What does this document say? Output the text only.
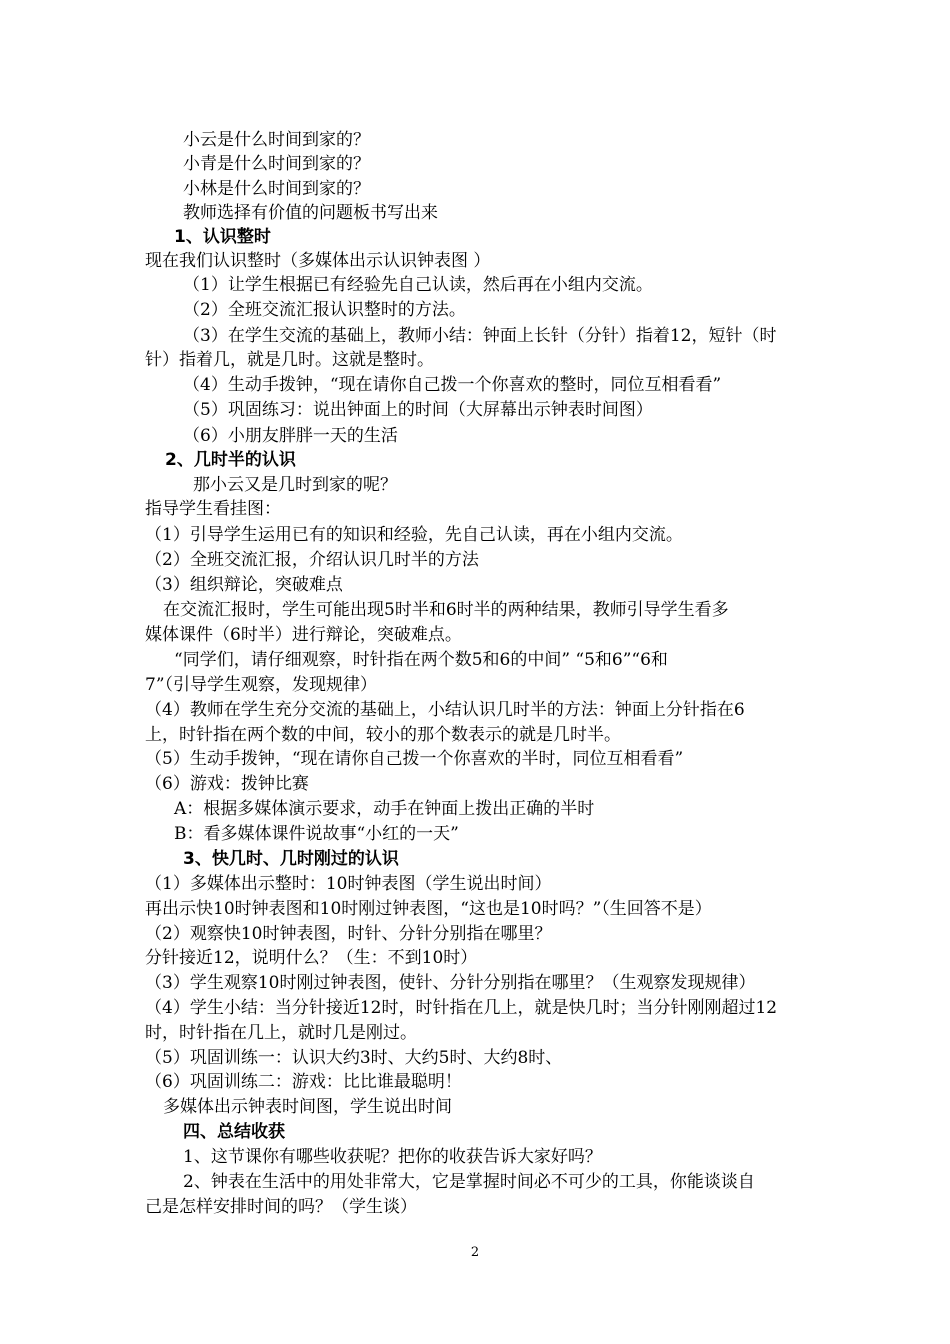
小云是什么时间到家的？
小青是什么时间到家的？
小林是什么时间到家的？
教师选择有价值的问题板书写出来
1、认识整时
现在我们认识整时（多媒体出示认识钟表图 ）
（1）让学生根据已有经验先自己认读，然后再在小组内交流。
（2）全班交流汇报认识整时的方法。
（3）在学生交流的基础上，教师小结：钟面上长针（分针）指着12，短针（时
针）指着几，就是几时。这就是整时。
（4）生动手拨钟，“现在请你自己拨一个你喜欢的整时，同位互相看看”
（5）巩固练习：说出钟面上的时间（大屏幕出示钟表时间图）
（6）小朋友胖胖一天的生活
2、几时半的认识
那小云又是几时到家的呢？
指导学生看挂图：
（1）引导学生运用已有的知识和经验，先自己认读，再在小组内交流。
（2）全班交流汇报，介绍认识几时半的方法
（3）组织辩论，突破难点
在交流汇报时，学生可能出现5时半和6时半的两种结果，教师引导学生看多
媒体课件（6时半）进行辩论，突破难点。
“同学们，请仔细观察，时针指在两个数5和6的中间” “5和6”“6和
7”（引导学生观察，发现规律）
（4）教师在学生充分交流的基础上，小结认识几时半的方法：钟面上分针指在6
上，时针指在两个数的中间，较小的那个数表示的就是几时半。
（5）生动手拨钟，“现在请你自己拨一个你喜欢的半时，同位互相看看”
（6）游戏：拨钟比赛
A：根据多媒体演示要求，动手在钟面上拨出正确的半时
B：看多媒体课件说故事“小红的一天”
3、快几时、几时刚过的认识
（1）多媒体出示整时：10时钟表图（学生说出时间）
再出示快10时钟表图和10时刚过钟表图，“这也是10时吗？”（生回答不是）
（2）观察快10时钟表图，时针、分针分别指在哪里？
分针接近12，说明什么？（生：不到10时）
（3）学生观察10时刚过钟表图，使针、分针分别指在哪里？（生观察发现规律）
（4）学生小结：当分针接近12时，时针指在几上，就是快几时；当分针刚刚超过12
时，时针指在几上，就时几是刚过。
（5）巩固训练一：认识大约3时、大约5时、大约8时、
（6）巩固训练二：游戏：比比谁最聪明！
多媒体出示钟表时间图，学生说出时间
四、总结收获
1、这节课你有哪些收获呢？把你的收获告诉大家好吗？
2、钟表在生活中的用处非常大，它是掌握时间必不可少的工具，你能谈谈自
己是怎样安排时间的吗？（学生谈）
2
